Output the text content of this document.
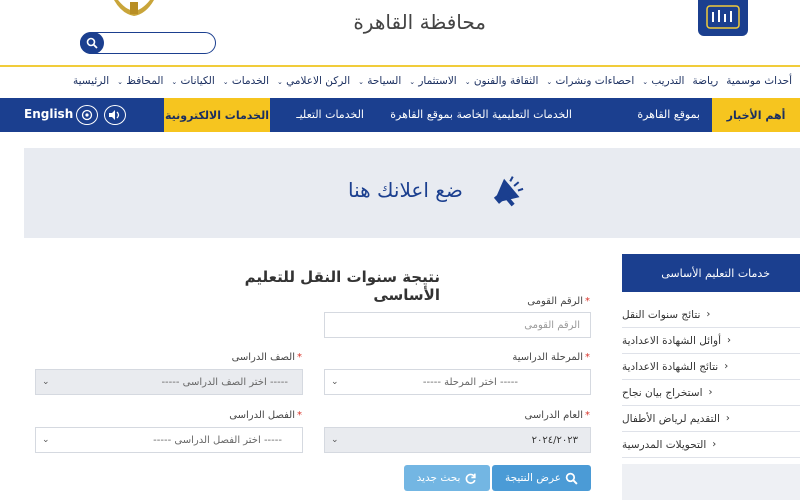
محافظة القاهرة
الرئيسية	المحافظ ⌄	الكيانات ⌄	الخدمات ⌄	الركن الاعلامي ⌄	السياحة ⌄	الاستثمار ⌄	الثقافة والفنون ⌄	احصاءات ونشرات ⌄	التدريب ⌄	رياضة أحداث موسمية
أهم الأخبار
بموقع القاهرة
الخدمات التعليمية الخاصة بموقع القاهرة
الخدمات التعليـ
الخدمات الالكترونية
English
ضع اعلانك هنا
خدمات التعليم الأساسى
‹
نتائج سنوات النقل
‹
أوائل الشهادة الاعدادية
‹
نتائج الشهادة الاعدادية
‹
استخراج بيان نجاح
‹
التقديم لرياض الأطفال
‹
التحويلات المدرسية
نتيجة سنوات النقل للتعليم الأساسى	*الرقم القومى
الرقم القومى
*المرحلة الدراسية
----- اختر المرحلة -----
⌄
*الصف الدراسى
----- اختر الصف الدراسى -----
⌄
*العام الدراسى
٢٠٢٤/٢٠٢٣
⌄
*الفصل الدراسى
----- اختر الفصل الدراسى -----
⌄
عرض النتيجة
بحث جديد
